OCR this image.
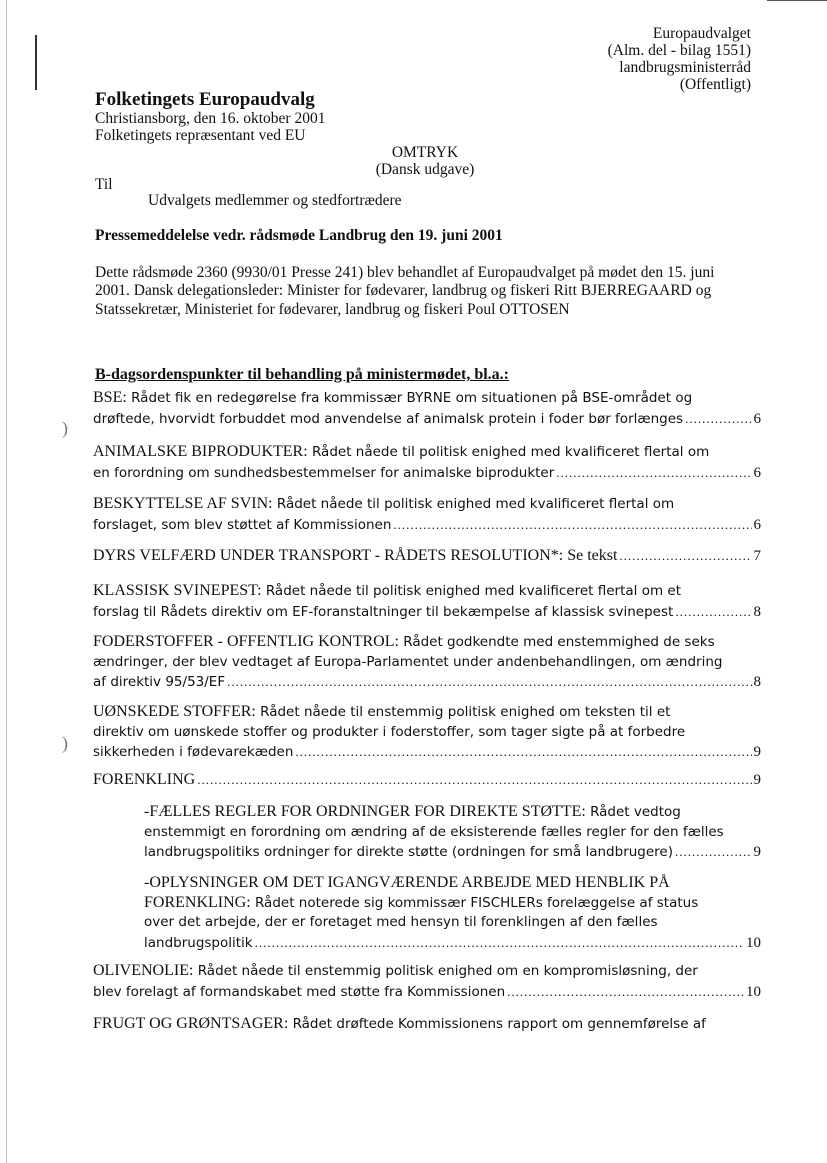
)
)
Europaudvalget
(Alm. del - bilag 1551)
landbrugsministerråd
(Offentligt)
Folketingets Europaudvalg
Christiansborg, den 16. oktober 2001
Folketingets repræsentant ved EU
OMTRYK
(Dansk udgave)
Til
Udvalgets medlemmer og stedfortrædere
Pressemeddelelse vedr. rådsmøde Landbrug den 19. juni 2001
Dette rådsmøde 2360 (9930/01 Presse 241) blev behandlet af Europaudvalget på mødet den 15. juni 2001. Dansk delegationsleder: Minister for fødevarer, landbrug og fiskeri Ritt BJERREGAARD og Statssekretær, Ministeriet for fødevarer, landbrug og fiskeri Poul OTTOSEN
B-dagsordenspunkter til behandling på ministermødet, bl.a.:
BSE: Rådet fik en redegørelse fra kommissær BYRNE om situationen på BSE-området og
drøftede, hvorvidt forbuddet mod anvendelse af animalsk protein i foder bør forlænges .....	6
ANIMALSKE BIPRODUKTER: Rådet nåede til politisk enighed med kvalificeret flertal om
en forordning om sundhedsbestemmelser for animalske biprodukter .....	6
BESKYTTELSE AF SVIN: Rådet nåede til politisk enighed med kvalificeret flertal om
forslaget, som blev støttet af Kommissionen .....	6
DYRS VELFÆRD UNDER TRANSPORT - RÅDETS RESOLUTION*: Se tekst .....	7
KLASSISK SVINEPEST: Rådet nåede til politisk enighed med kvalificeret flertal om et
forslag til Rådets direktiv om EF-foranstaltninger til bekæmpelse af klassisk svinepest .....	8
FODERSTOFFER - OFFENTLIG KONTROL: Rådet godkendte med enstemmighed de seks
ændringer, der blev vedtaget af Europa-Parlamentet under andenbehandlingen, om ændring
af direktiv 95/53/EF .....	8
UØNSKEDE STOFFER: Rådet nåede til enstemmig politisk enighed om teksten til et
direktiv om uønskede stoffer og produkter i foderstoffer, som tager sigte på at forbedre
sikkerheden i fødevarekæden .....	9
FORENKLING .....	9
-FÆLLES REGLER FOR ORDNINGER FOR DIREKTE STØTTE: Rådet vedtog
enstemmigt en forordning om ændring af de eksisterende fælles regler for den fælles
landbrugspolitiks ordninger for direkte støtte (ordningen for små landbrugere) .....	9
-OPLYSNINGER OM DET IGANGVÆRENDE ARBEJDE MED HENBLIK PÅ FORENKLING: Rådet noterede sig kommissær FISCHLERs forelæggelse af status
over det arbejde, der er foretaget med hensyn til forenklingen af den fælles
landbrugspolitik .....	10
OLIVENOLIE: Rådet nåede til enstemmig politisk enighed om en kompromisløsning, der
blev forelagt af formandskabet med støtte fra Kommissionen .....	10
FRUGT OG GRØNTSAGER: Rådet drøftede Kommissionens rapport om gennemførelse af
